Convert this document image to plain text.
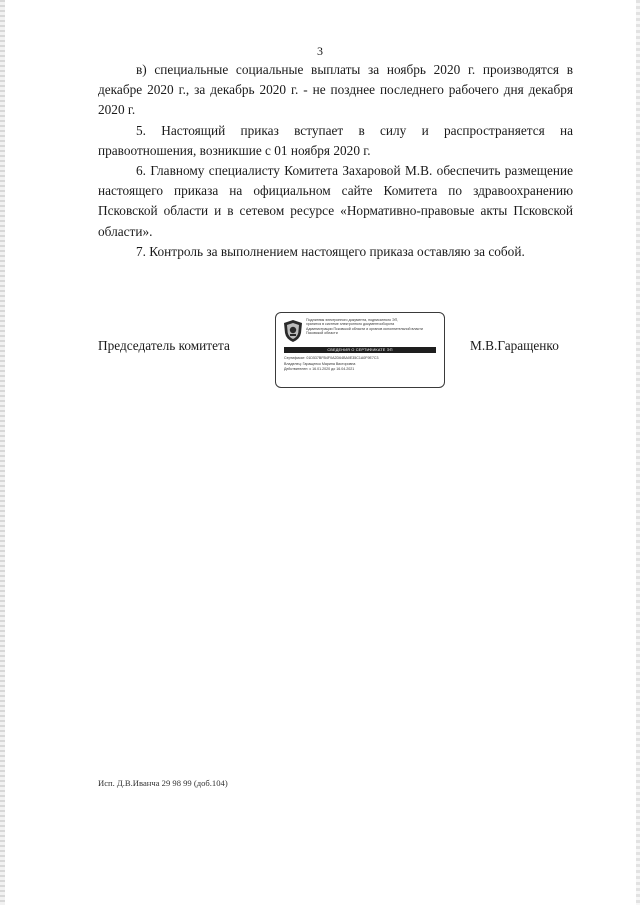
3

в) специальные социальные выплаты за ноябрь 2020 г. производятся в декабре 2020 г., за декабрь 2020 г. - не позднее последнего рабочего дня декабря 2020 г.

5. Настоящий приказ вступает в силу и распространяется на правоотношения, возникшие с 01 ноября 2020 г.

6. Главному специалисту Комитета Захаровой М.В. обеспечить размещение настоящего приказа на официальном сайте Комитета по здравоохранению Псковской области и в сетевом ресурсе «Нормативно-правовые акты Псковской области».

7. Контроль за выполнением настоящего приказа оставляю за собой.

Председатель комитета
Подлинник электронного документа, подписанного ЭП,
хранится в системе электронного документооборота
Администрации Псковской области и органов исполнительной власти Псковской области
СВЕДЕНИЯ О СЕРТИФИКАТЕ ЭП
Сертификат: 01D537BFB4F0A2D64BA0E35C1A0F9E7C3
Владелец: Гаращенко Марина Викторовна
Действителен: с 16.01.2020 до 16.04.2021
М.В.Гаращенко
Исп. Д.В.Иванча 29 98 99 (доб.104)
